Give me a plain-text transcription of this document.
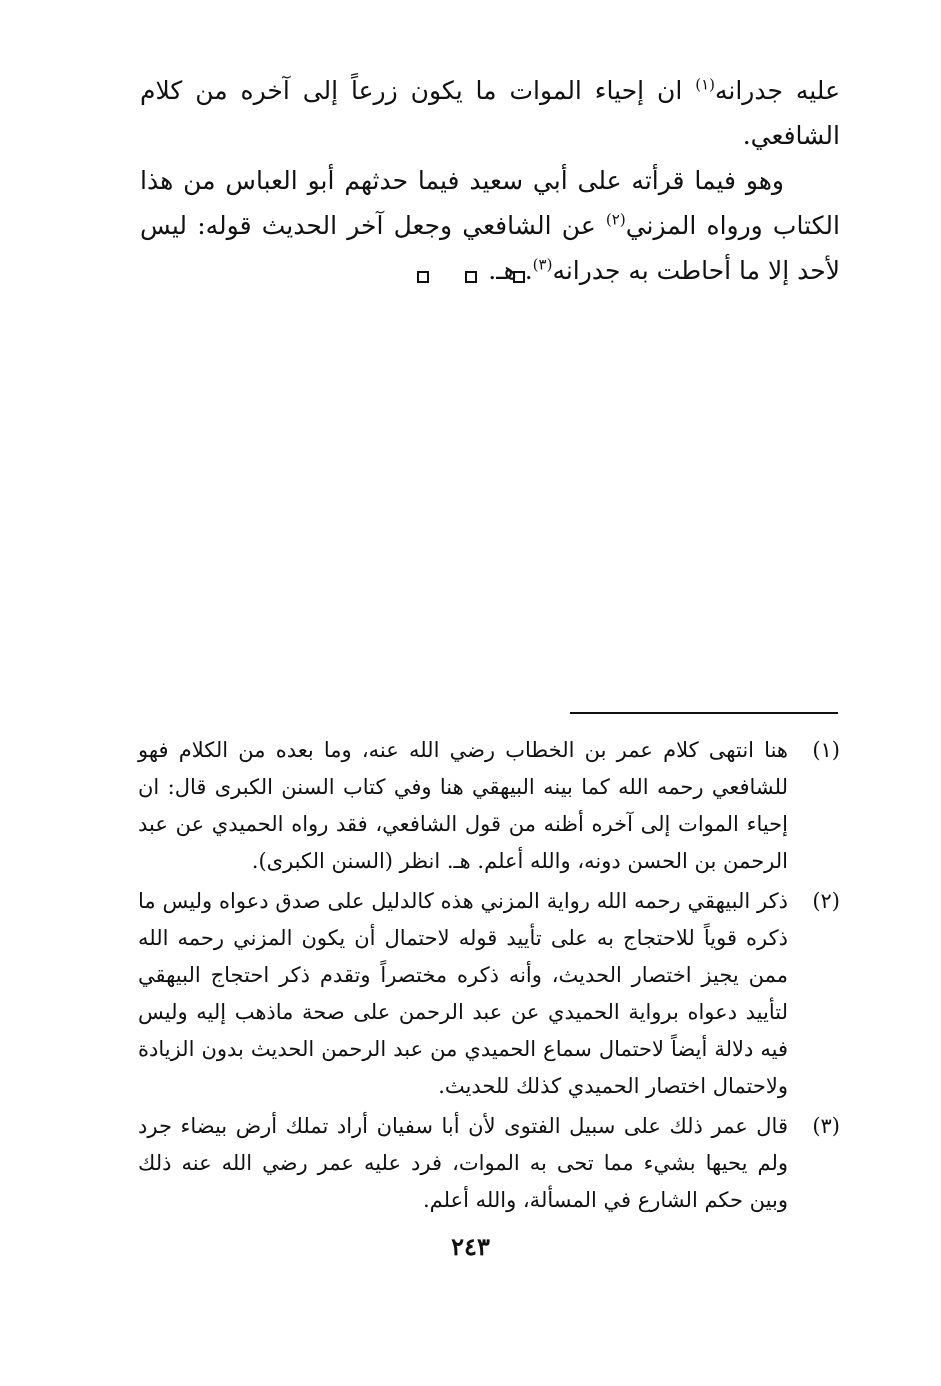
عليه جدرانه$^{(١)}$ ان إحياء الموات ما يكون زرعاً إلى آخره من كلام الشافعي.

وهو فيما قرأته على أبي سعيد فيما حدثهم أبو العباس من هذا الكتاب ورواه المزني$^{(٢)}$ عن الشافعي وجعل آخر الحديث قوله: ليس لأحد إلا ما أحاطت به جدرانه$^{(٣)}$. هـ.

(١)
هنا انتهى كلام عمر بن الخطاب رضي الله عنه، وما بعده من الكلام فهو للشافعي رحمه الله كما بينه البيهقي هنا وفي كتاب السنن الكبرى قال: ان إحياء الموات إلى آخره أظنه من قول الشافعي، فقد رواه الحميدي عن عبد الرحمن بن الحسن دونه، والله أعلم. هـ. انظر (السنن الكبرى).
(٢)
ذكر البيهقي رحمه الله رواية المزني هذه كالدليل على صدق دعواه وليس ما ذكره قوياً للاحتجاج به على تأييد قوله لاحتمال أن يكون المزني رحمه الله ممن يجيز اختصار الحديث، وأنه ذكره مختصراً وتقدم ذكر احتجاج البيهقي لتأييد دعواه برواية الحميدي عن عبد الرحمن على صحة ماذهب إليه وليس فيه دلالة أيضاً لاحتمال سماع الحميدي من عبد الرحمن الحديث بدون الزيادة ولاحتمال اختصار الحميدي كذلك للحديث.
(٣)
قال عمر ذلك على سبيل الفتوى لأن أبا سفيان أراد تملك أرض بيضاء جرد ولم يحيها بشيء مما تحى به الموات، فرد عليه عمر رضي الله عنه ذلك وبين حكم الشارع في المسألة، والله أعلم.
٢٤٣
